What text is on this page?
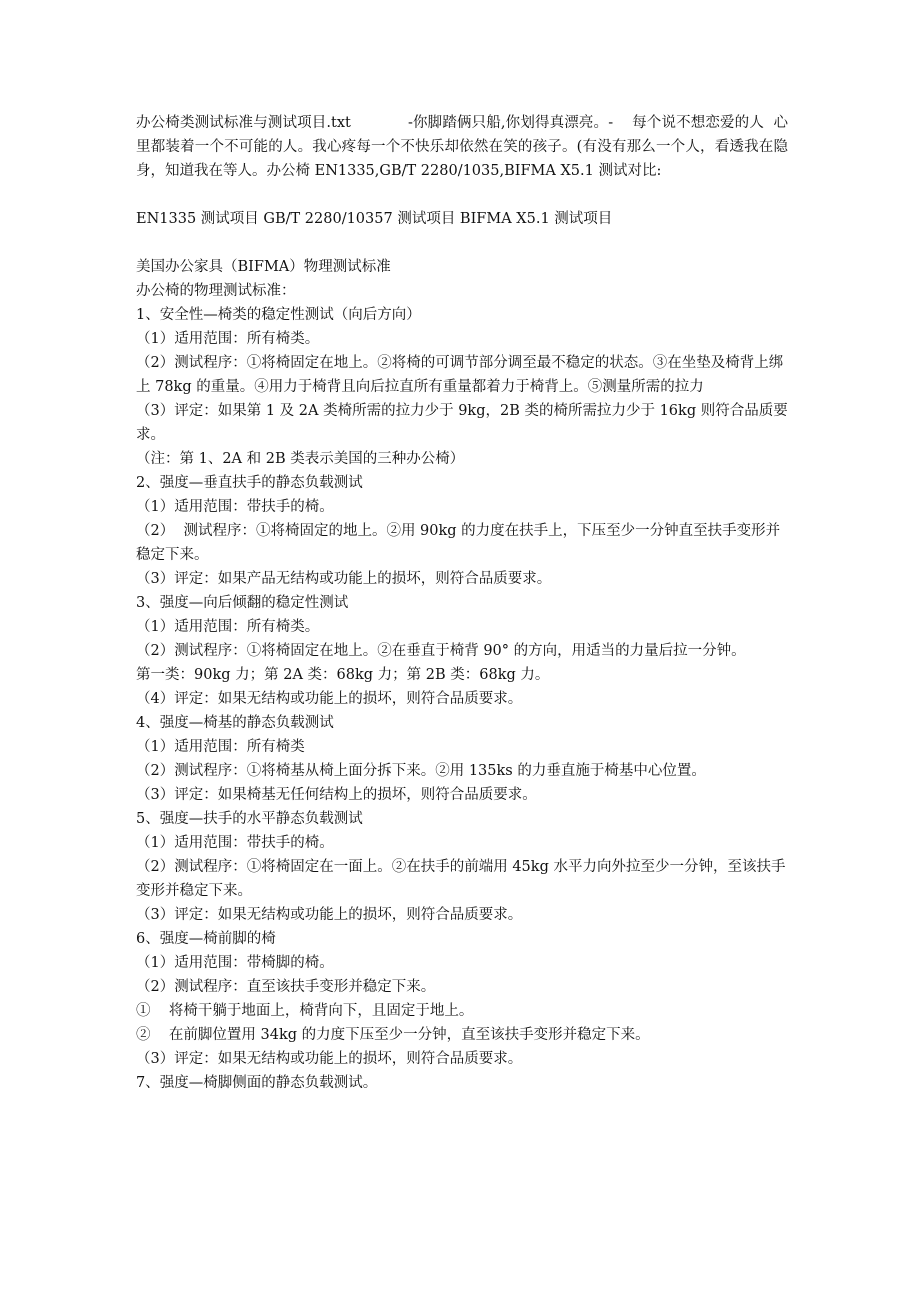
办公椅类测试标准与测试项目.txt            -你脚踏俩只船,你划得真漂亮。-    每个说不想恋爱的人  心里都装着一个不可能的人。我心疼每一个不快乐却依然在笑的孩子。(有没有那么一个人，看透我在隐身，知道我在等人。办公椅 EN1335,GB/T 2280/1035,BIFMA X5.1 测试对比:

EN1335 测试项目 GB/T 2280/10357 测试项目 BIFMA X5.1 测试项目

美国办公家具（BIFMA）物理测试标准

办公椅的物理测试标准：

1、安全性—椅类的稳定性测试（向后方向）

（1）适用范围：所有椅类。

（2）测试程序：①将椅固定在地上。②将椅的可调节部分调至最不稳定的状态。③在坐垫及椅背上绑上 78kg 的重量。④用力于椅背且向后拉直所有重量都着力于椅背上。⑤测量所需的拉力

（3）评定：如果第 1 及 2A 类椅所需的拉力少于 9kg，2B 类的椅所需拉力少于 16kg 则符合品质要求。

（注：第 1、2A 和 2B 类表示美国的三种办公椅）

2、强度—垂直扶手的静态负载测试

（1）适用范围：带扶手的椅。

（2）  测试程序：①将椅固定的地上。②用 90kg 的力度在扶手上，下压至少一分钟直至扶手变形并稳定下来。

（3）评定：如果产品无结构或功能上的损坏，则符合品质要求。

3、强度—向后倾翻的稳定性测试

（1）适用范围：所有椅类。

（2）测试程序：①将椅固定在地上。②在垂直于椅背 90° 的方向，用适当的力量后拉一分钟。

第一类：90kg 力；第 2A 类：68kg 力；第 2B 类：68kg 力。

（4）评定：如果无结构或功能上的损坏，则符合品质要求。

4、强度—椅基的静态负载测试

（1）适用范围：所有椅类

（2）测试程序：①将椅基从椅上面分拆下来。②用 135ks 的力垂直施于椅基中心位置。

（3）评定：如果椅基无任何结构上的损坏，则符合品质要求。

5、强度—扶手的水平静态负载测试

（1）适用范围：带扶手的椅。

（2）测试程序：①将椅固定在一面上。②在扶手的前端用 45kg 水平力向外拉至少一分钟，至该扶手变形并稳定下来。

（3）评定：如果无结构或功能上的损坏，则符合品质要求。

6、强度—椅前脚的椅

（1）适用范围：带椅脚的椅。

（2）测试程序：直至该扶手变形并稳定下来。

①    将椅干躺于地面上，椅背向下，且固定于地上。

②    在前脚位置用 34kg 的力度下压至少一分钟，直至该扶手变形并稳定下来。

（3）评定：如果无结构或功能上的损坏，则符合品质要求。

7、强度—椅脚侧面的静态负载测试。
